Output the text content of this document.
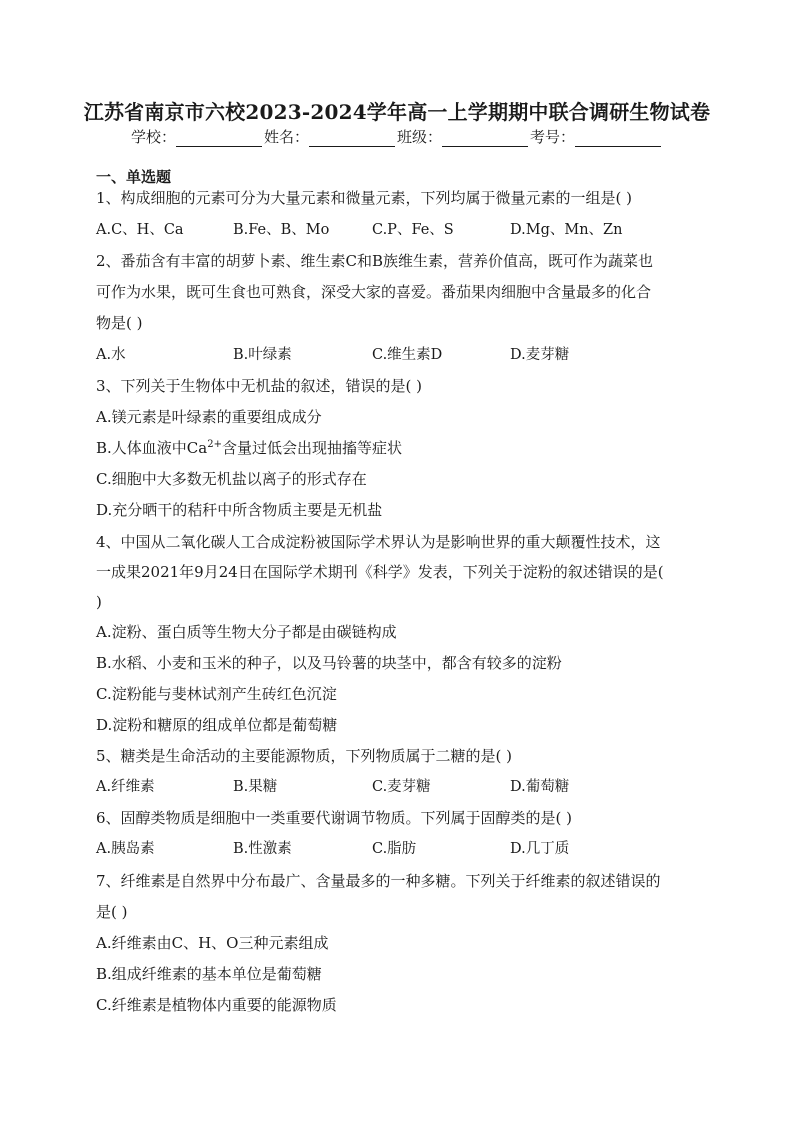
江苏省南京市六校2023-2024学年高一上学期期中联合调研生物试卷
学校：	姓名：	班级：	考号：
一、单选题
1、构成细胞的元素可分为大量元素和微量元素，下列均属于微量元素的一组是( )
A.C、H、Ca	B.Fe、B、Mo	C.P、Fe、S	D.Mg、Mn、Zn
2、番茄含有丰富的胡萝卜素、维生素C和B族维生素，营养价值高，既可作为蔬菜也
可作为水果，既可生食也可熟食，深受大家的喜爱。番茄果肉细胞中含量最多的化合
物是( )
A.水	B.叶绿素	C.维生素D	D.麦芽糖
3、下列关于生物体中无机盐的叙述，错误的是( )
A.镁元素是叶绿素的重要组成成分
B.人体血液中$Ca^{2+}$含量过低会出现抽搐等症状
C.细胞中大多数无机盐以离子的形式存在
D.充分晒干的秸秆中所含物质主要是无机盐
4、中国从二氧化碳人工合成淀粉被国际学术界认为是影响世界的重大颠覆性技术，这
一成果2021年9月24日在国际学术期刊《科学》发表，下列关于淀粉的叙述错误的是(
)
A.淀粉、蛋白质等生物大分子都是由碳链构成
B.水稻、小麦和玉米的种子，以及马铃薯的块茎中，都含有较多的淀粉
C.淀粉能与斐林试剂产生砖红色沉淀
D.淀粉和糖原的组成单位都是葡萄糖
5、糖类是生命活动的主要能源物质，下列物质属于二糖的是( )
A.纤维素	B.果糖	C.麦芽糖	D.葡萄糖
6、固醇类物质是细胞中一类重要代谢调节物质。下列属于固醇类的是( )
A.胰岛素	B.性激素	C.脂肪	D.几丁质
7、纤维素是自然界中分布最广、含量最多的一种多糖。下列关于纤维素的叙述错误的
是( )
A.纤维素由C、H、O三种元素组成
B.组成纤维素的基本单位是葡萄糖
C.纤维素是植物体内重要的能源物质
